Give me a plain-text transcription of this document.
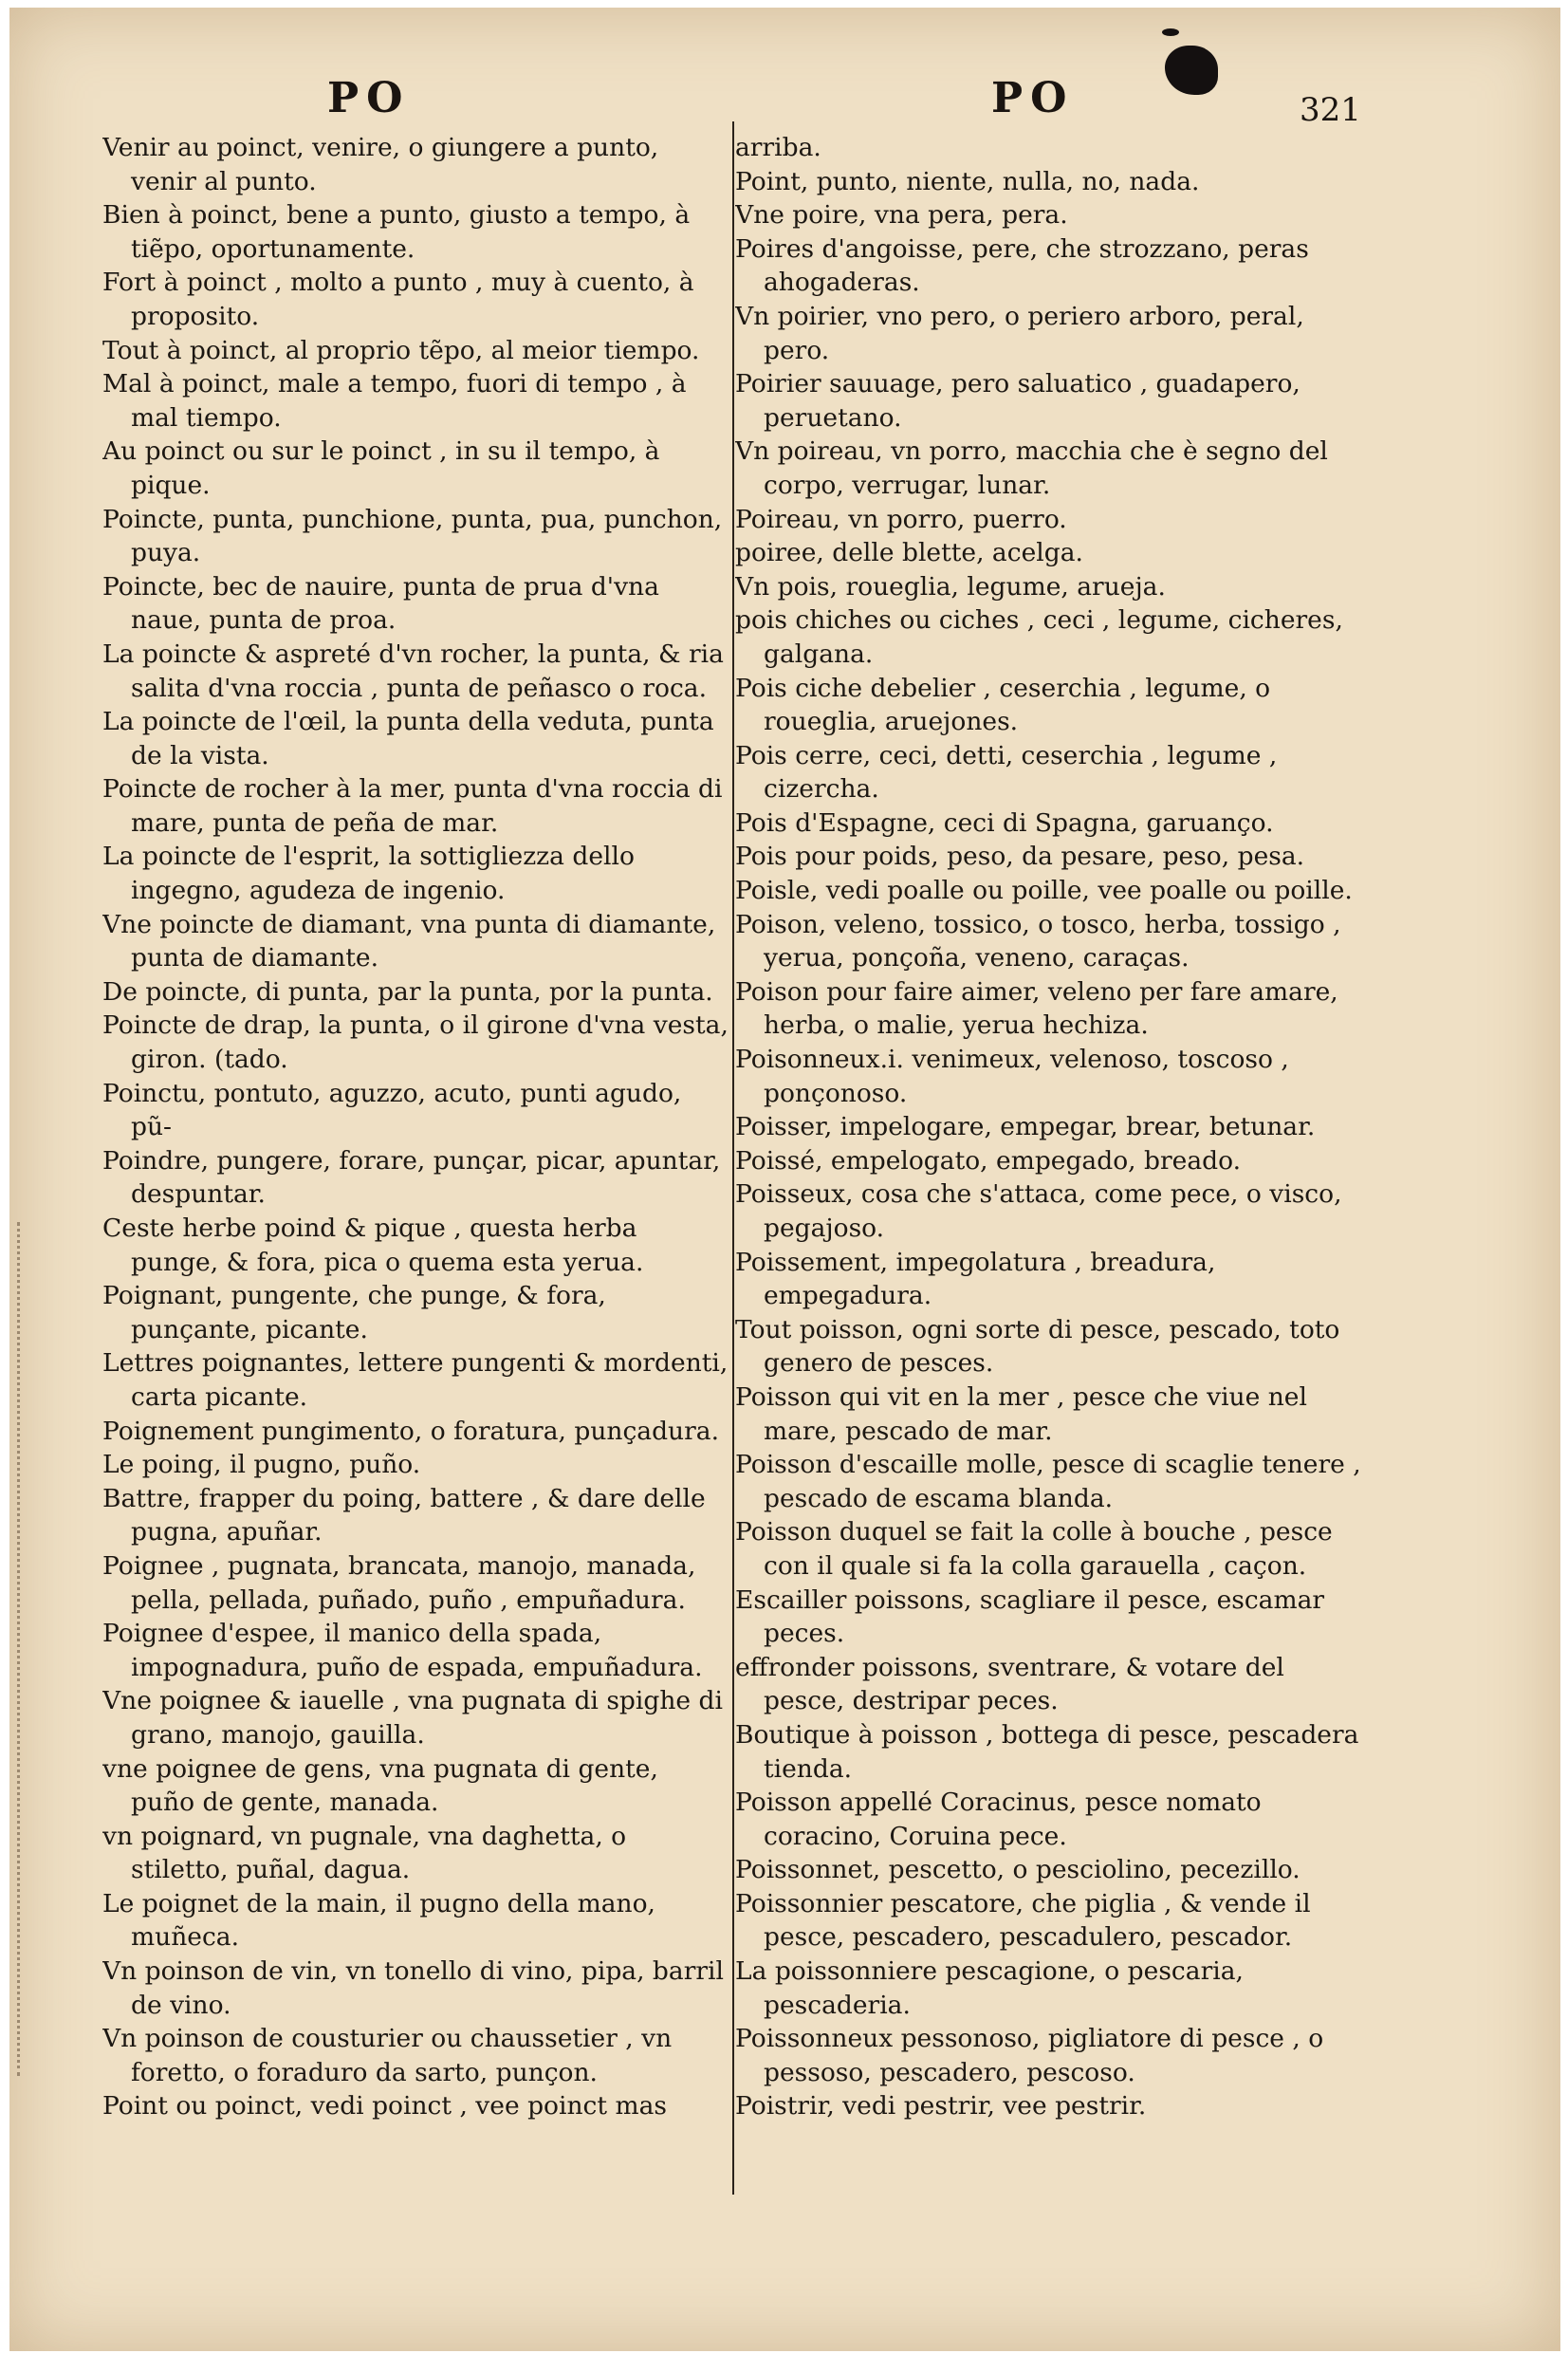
PO	PO	321

Venir au poinct, venire, o giungere a punto, venir al punto.

Bien à poinct, bene a punto, giusto a tempo, à tiẽpo, oportunamente.

Fort à poinct , molto a punto , muy à cuento, à proposito.

Tout à poinct, al proprio tẽpo, al meior tiempo.

Mal à poinct, male a tempo, fuori di tempo , à mal tiempo.

Au poinct ou sur le poinct , in su il tempo, à pique.

Poincte, punta, punchione, punta, pua, punchon, puya.

Poincte, bec de nauire, punta de prua d'vna naue, punta de proa.

La poincte & aspreté d'vn rocher, la punta, & ria salita d'vna roccia , punta de peñasco o roca.

La poincte de l'œil, la punta della veduta, punta de la vista.

Poincte de rocher à la mer, punta d'vna roccia di mare, punta de peña de mar.

La poincte de l'esprit, la sottigliezza dello ingegno, agudeza de ingenio.

Vne poincte de diamant, vna punta di diamante, punta de diamante.

De poincte, di punta, par la punta, por la punta.

Poincte de drap, la punta, o il girone d'vna vesta, giron. (tado.

Poinctu, pontuto, aguzzo, acuto, punti agudo, pũ-

Poindre, pungere, forare, punçar, picar, apuntar, despuntar.

Ceste herbe poind & pique , questa herba punge, & fora, pica o quema esta yerua.

Poignant, pungente, che punge, & fora, punçante, picante.

Lettres poignantes, lettere pungenti & mordenti, carta picante.

Poignement pungimento, o foratura, punçadura.

Le poing, il pugno, puño.

Battre, frapper du poing, battere , & dare delle pugna, apuñar.

Poignee , pugnata, brancata, manojo, manada, pella, pellada, puñado, puño , empuñadura.

Poignee d'espee, il manico della spada, impognadura, puño de espada, empuñadura.

Vne poignee & iauelle , vna pugnata di spighe di grano, manojo, gauilla.

vne poignee de gens, vna pugnata di gente, puño de gente, manada.

vn poignard, vn pugnale, vna daghetta, o stiletto, puñal, dagua.

Le poignet de la main, il pugno della mano, muñeca.

Vn poinson de vin, vn tonello di vino, pipa, barril de vino.

Vn poinson de cousturier ou chaussetier , vn foretto, o foraduro da sarto, punçon.

Point ou poinct, vedi poinct , vee poinct mas

arriba.

Point, punto, niente, nulla, no, nada.

Vne poire, vna pera, pera.

Poires d'angoisse, pere, che strozzano, peras ahogaderas.

Vn poirier, vno pero, o periero arboro, peral, pero.

Poirier sauuage, pero saluatico , guadapero, peruetano.

Vn poireau, vn porro, macchia che è segno del corpo, verrugar, lunar.

Poireau, vn porro, puerro.

poiree, delle blette, acelga.

Vn pois, roueglia, legume, arueja.

pois chiches ou ciches , ceci , legume, cicheres, galgana.

Pois ciche debelier , ceserchia , legume, o roueglia, aruejones.

Pois cerre, ceci, detti, ceserchia , legume , cizercha.

Pois d'Espagne, ceci di Spagna, garuanço.

Pois pour poids, peso, da pesare, peso, pesa.

Poisle, vedi poalle ou poille, vee poalle ou poille.

Poison, veleno, tossico, o tosco, herba, tossigo , yerua, ponçoña, veneno, caraças.

Poison pour faire aimer, veleno per fare amare, herba, o malie, yerua hechiza.

Poisonneux.i. venimeux, velenoso, toscoso , ponçonoso.

Poisser, impelogare, empegar, brear, betunar.

Poissé, empelogato, empegado, breado.

Poisseux, cosa che s'attaca, come pece, o visco, pegajoso.

Poissement, impegolatura , breadura, empegadura.

Tout poisson, ogni sorte di pesce, pescado, toto genero de pesces.

Poisson qui vit en la mer , pesce che viue nel mare, pescado de mar.

Poisson d'escaille molle, pesce di scaglie tenere , pescado de escama blanda.

Poisson duquel se fait la colle à bouche , pesce con il quale si fa la colla garauella , caçon.

Escailler poissons, scagliare il pesce, escamar peces.

effronder poissons, sventrare, & votare del pesce, destripar peces.

Boutique à poisson , bottega di pesce, pescadera tienda.

Poisson appellé Coracinus, pesce nomato coracino, Coruina pece.

Poissonnet, pescetto, o pesciolino, pecezillo.

Poissonnier pescatore, che piglia , & vende il pesce, pescadero, pescadulero, pescador.

La poissonniere pescagione, o pescaria, pescaderia.

Poissonneux pessonoso, pigliatore di pesce , o pessoso, pescadero, pescoso.

Poistrir, vedi pestrir, vee pestrir.
